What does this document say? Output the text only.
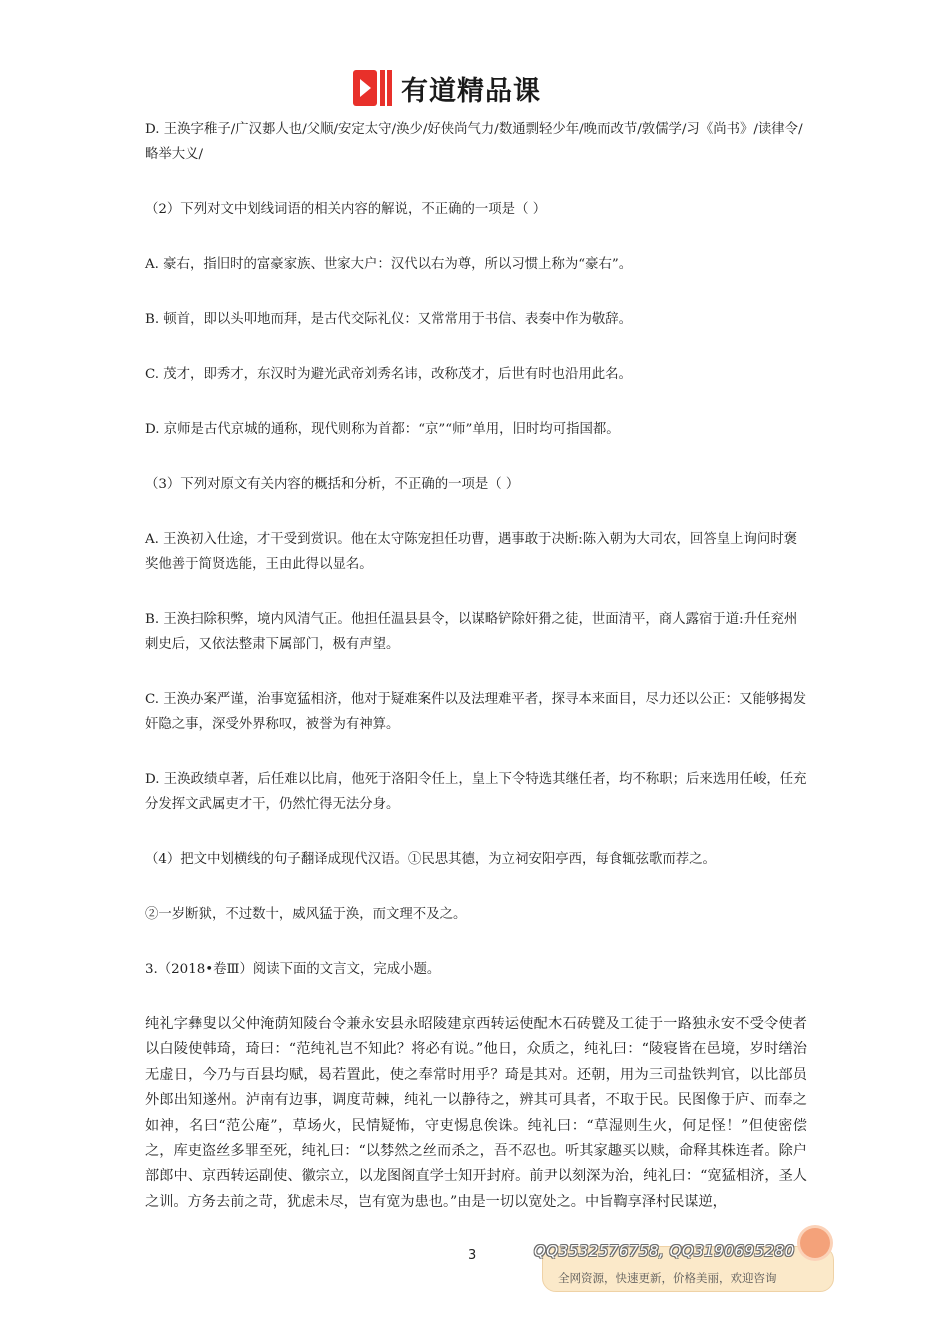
有道精品课

D. 王涣字稚子/广汉郪人也/父顺/安定太守/涣少/好侠尚气力/数通剽轻少年/晚而改节/敦儒学/习《尚书》/读律令/略举大义/

（2）下列对文中划线词语的相关内容的解说，不正确的一项是（ ）

A. 豪右，指旧时的富豪家族、世家大户：汉代以右为尊，所以习惯上称为“豪右”。

B. 顿首，即以头叩地而拜，是古代交际礼仪：又常常用于书信、表奏中作为敬辞。

C. 茂才，即秀才，东汉时为避光武帝刘秀名讳，改称茂才，后世有时也沿用此名。

D. 京师是古代京城的通称，现代则称为首都：“京”“师”单用，旧时均可指国都。

（3）下列对原文有关内容的概括和分析，不正确的一项是（ ）

A. 王涣初入仕途，才干受到赏识。他在太守陈宠担任功曹，遇事敢于决断:陈入朝为大司农，回答皇上询问时褒奖他善于简贤选能，王由此得以显名。

B. 王涣扫除积弊，境内风清气正。他担任温县县令，以谋略铲除奸猾之徒，世面清平，商人露宿于道:升任兖州刺史后，又依法整肃下属部门，极有声望。

C. 王涣办案严谨，治事宽猛相济，他对于疑难案件以及法理难平者，探寻本来面目，尽力还以公正：又能够揭发奸隐之事，深受外界称叹，被誉为有神算。

D. 王涣政绩卓著，后任难以比肩，他死于洛阳令任上，皇上下令特选其继任者，均不称职；后来选用任峻，任充分发挥文武属吏才干，仍然忙得无法分身。

（4）把文中划横线的句子翻译成现代汉语。①民思其德，为立祠安阳亭西，每食辄弦歌而荐之。

②一岁断狱，不过数十，威风猛于涣，而文理不及之。

3.（2018•卷Ⅲ）阅读下面的文言文，完成小题。

纯礼字彝叟以父仲淹荫知陵台令兼永安县永昭陵建京西转运使配木石砖甓及工徒于一路独永安不受令使者以白陵使韩琦，琦曰：“范纯礼岂不知此？将必有说。”他日，众质之，纯礼曰：“陵寝皆在邑境，岁时缮治无虚日，今乃与百县均赋，曷若置此，使之奉常时用乎？琦是其对。还朝，用为三司盐铁判官，以比部员外郎出知遂州。泸南有边事，调度苛棘，纯礼一以静待之，辨其可具者，不取于民。民图像于庐、而奉之如神，名曰“范公庵”，草场火，民情疑怖，守吏惕息俟诛。纯礼曰：“草湿则生火，何足怪！”但使密偿之，库吏盗丝多罪至死，纯礼曰：“以棼然之丝而杀之，吾不忍也。听其家趣买以赎，命释其株连者。除户部郎中、京西转运副使、徽宗立，以龙图阁直学士知开封府。前尹以刻深为治，纯礼曰：“宽猛相济，圣人之训。方务去前之苛，犹虑未尽，岂有宽为患也。”由是一切以宽处之。中旨鞫享泽村民谋逆，

3	QQ3532576758, QQ3190695280
全网资源，快速更新，价格美丽，欢迎咨询
